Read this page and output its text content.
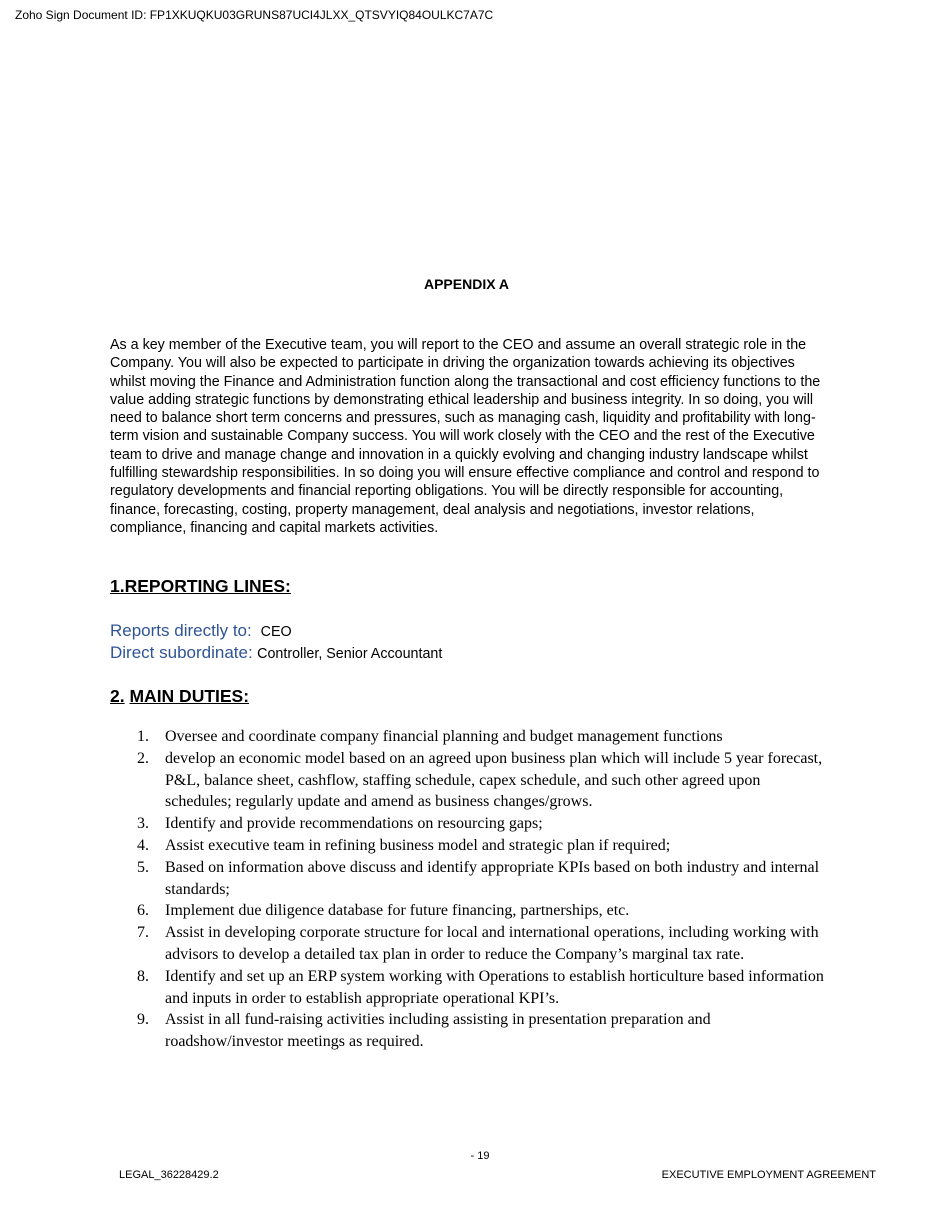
Zoho Sign Document ID: FP1XKUQKU03GRUNS87UCI4JLXX_QTSVYIQ84OULKC7A7C
APPENDIX A

As a key member of the Executive team, you will report to the CEO and assume an overall strategic role in the Company. You will also be expected to participate in driving the organization towards achieving its objectives whilst moving the Finance and Administration function along the transactional and cost efficiency functions to the value adding strategic functions by demonstrating ethical leadership and business integrity. In so doing, you will need to balance short term concerns and pressures, such as managing cash, liquidity and profitability with long-term vision and sustainable Company success. You will work closely with the CEO and the rest of the Executive team to drive and manage change and innovation in a quickly evolving and changing industry landscape whilst fulfilling stewardship responsibilities. In so doing you will ensure effective compliance and control and respond to regulatory developments and financial reporting obligations. You will be directly responsible for accounting, finance, forecasting, costing, property management, deal analysis and negotiations, investor relations, compliance, financing and capital markets activities.

1.REPORTING LINES:

Reports directly to: CEO

Direct subordinate: Controller, Senior Accountant

2. MAIN DUTIES:
1. Oversee and coordinate company financial planning and budget management functions
2. develop an economic model based on an agreed upon business plan which will include 5 year forecast, P&L, balance sheet, cashflow, staffing schedule, capex schedule, and such other agreed upon schedules; regularly update and amend as business changes/grows.
3. Identify and provide recommendations on resourcing gaps;
4. Assist executive team in refining business model and strategic plan if required;
5. Based on information above discuss and identify appropriate KPIs based on both industry and internal standards;
6. Implement due diligence database for future financing, partnerships, etc.
7. Assist in developing corporate structure for local and international operations, including working with advisors to develop a detailed tax plan in order to reduce the Company’s marginal tax rate.
8. Identify and set up an ERP system working with Operations to establish horticulture based information and inputs in order to establish appropriate operational KPI’s.
9. Assist in all fund-raising activities including assisting in presentation preparation and roadshow/investor meetings as required.
- 19
LEGAL_36228429.2	EXECUTIVE EMPLOYMENT AGREEMENT
